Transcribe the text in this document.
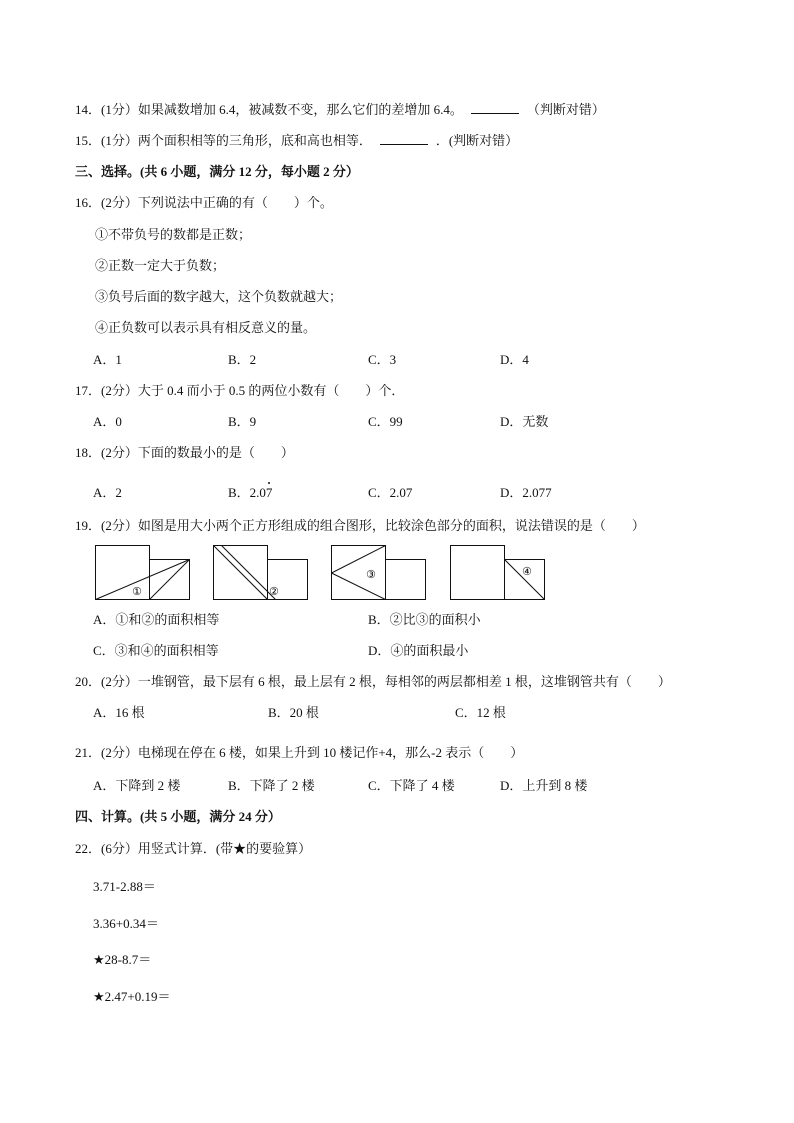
14．(1分）如果减数增加 6.4，被减数不变，那么它们的差增加 6.4。	（判断对错）
15．(1分）两个面积相等的三角形，底和高也相等．	．(判断对错）
三、选择。(共 6 小题，满分 12 分，每小题 2 分）
16．(2分）下列说法中正确的有（　　）个。
①不带负号的数都是正数；
②正数一定大于负数；
③负号后面的数字越大，这个负数就越大；
④正负数可以表示具有相反意义的量。
A．1	B．2	C．3	D．4
17．(2分）大于 0.4 而小于 0.5 的两位小数有（　　）个．
A．0	B．9	C．99	D．无数
18．(2分）下面的数最小的是（　　）
A．2	B．2.07	C．2.07	D．2.077
19．(2分）如图是用大小两个正方形组成的组合图形，比较涂色部分的面积，说法错误的是（　　）
①	②
③	④
A．①和②的面积相等	B．②比③的面积小
C．③和④的面积相等	D．④的面积最小
20．(2分）一堆钢管，最下层有 6 根，最上层有 2 根，每相邻的两层都相差 1 根，这堆钢管共有（　　）
A．16 根	B．20 根	C．12 根
21．(2分）电梯现在停在 6 楼，如果上升到 10 楼记作+4，那么-2 表示（　　）
A．下降到 2 楼	B．下降了 2 楼	C．下降了 4 楼	D．上升到 8 楼
四、计算。(共 5 小题，满分 24 分）
22．(6分）用竖式计算．(带★的要验算）
3.71-2.88＝
3.36+0.34＝
★28-8.7＝
★2.47+0.19＝
